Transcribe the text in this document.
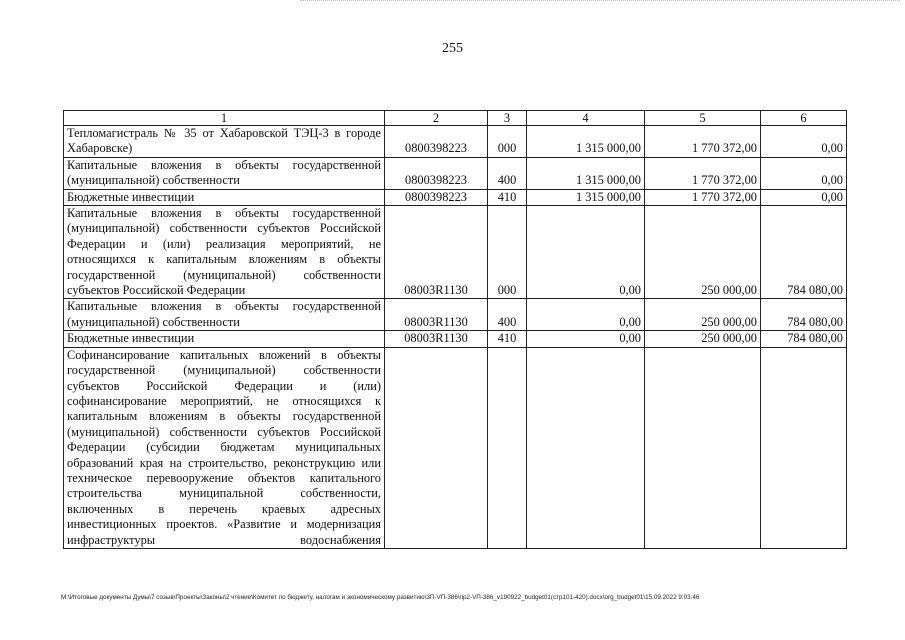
255
1	2	3	4	5	6
Тепломагистраль № 35 от Хабаровской ТЭЦ-3 в городе Хабаровске)	0800398223	000	1 315 000,00	1 770 372,00	0,00
Капитальные вложения в объекты государственной (муниципальной) собственности	0800398223	400	1 315 000,00	1 770 372,00	0,00
Бюджетные инвестиции	0800398223	410	1 315 000,00	1 770 372,00	0,00
Капитальные вложения в объекты государственной (муниципальной) собственности субъектов Российской Федерации и (или) реализация мероприятий, не относящихся к капитальным вложениям в объекты государственной (муниципальной) собственности субъектов Российской Федерации	08003R1130	000	0,00	250 000,00	784 080,00
Капитальные вложения в объекты государственной (муниципальной) собственности	08003R1130	400	0,00	250 000,00	784 080,00
Бюджетные инвестиции	08003R1130	410	0,00	250 000,00	784 080,00
Софинансирование капитальных вложений в объекты государственной (муниципальной) собственности субъектов Российской Федерации и (или) софинансирование мероприятий, не относящихся к капитальным вложениям в объекты государственной (муниципальной) собственности субъектов Российской Федерации (субсидии бюджетам муниципальных образований края на строительство, реконструкцию или техническое перевооружение объектов капитального строительства муниципальной собственности, включенных в перечень краевых адресных инвестиционных проектов. «Развитие и модернизация инфраструктуры водоснабжения					
М:\Итоговые документы Думы\7 созыв\Проекты\Законы\2 чтение\Комитет по бюджету, налогам и экономическому развитию\3П-VП-386\пр2-VП-386_v190922_budget01(стр101-420).docx\org_budget01\15.09.2022 9:03:46
